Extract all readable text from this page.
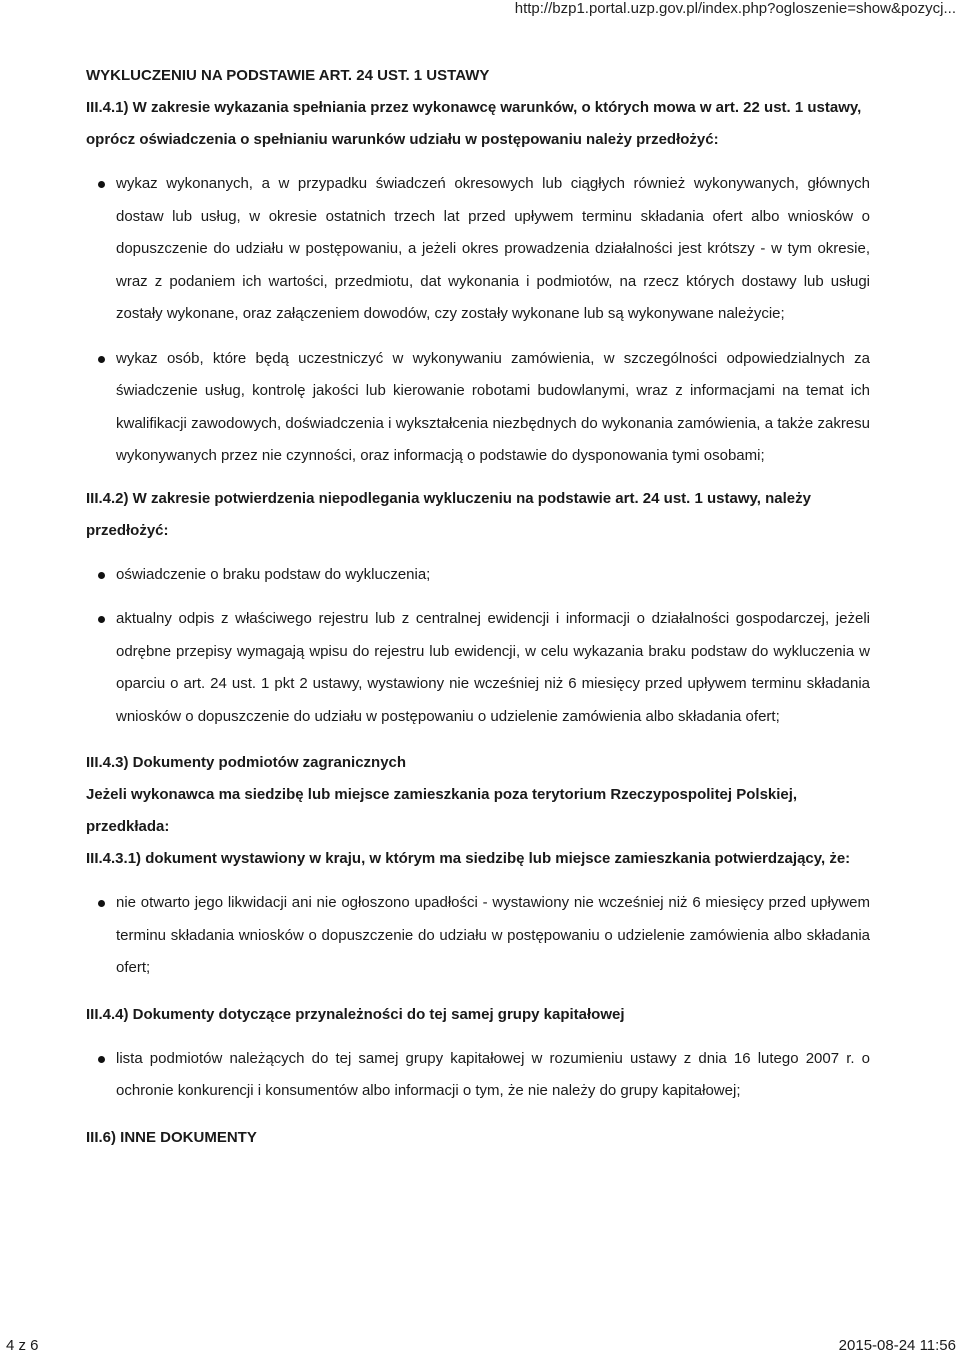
http://bzp1.portal.uzp.gov.pl/index.php?ogloszenie=show&pozycj...

WYKLUCZENIU NA PODSTAWIE ART. 24 UST. 1 USTAWY

III.4.1) W zakresie wykazania spełniania przez wykonawcę warunków, o których mowa w art. 22 ust. 1 ustawy, oprócz oświadczenia o spełnianiu warunków udziału w postępowaniu należy przedłożyć:

wykaz wykonanych, a w przypadku świadczeń okresowych lub ciągłych również wykonywanych, głównych dostaw lub usług, w okresie ostatnich trzech lat przed upływem terminu składania ofert albo wniosków o dopuszczenie do udziału w postępowaniu, a jeżeli okres prowadzenia działalności jest krótszy - w tym okresie, wraz z podaniem ich wartości, przedmiotu, dat wykonania i podmiotów, na rzecz których dostawy lub usługi zostały wykonane, oraz załączeniem dowodów, czy zostały wykonane lub są wykonywane należycie;
wykaz osób, które będą uczestniczyć w wykonywaniu zamówienia, w szczególności odpowiedzialnych za świadczenie usług, kontrolę jakości lub kierowanie robotami budowlanymi, wraz z informacjami na temat ich kwalifikacji zawodowych, doświadczenia i wykształcenia niezbędnych do wykonania zamówienia, a także zakresu wykonywanych przez nie czynności, oraz informacją o podstawie do dysponowania tymi osobami;

III.4.2) W zakresie potwierdzenia niepodlegania wykluczeniu na podstawie art. 24 ust. 1 ustawy, należy przedłożyć:

oświadczenie o braku podstaw do wykluczenia;
aktualny odpis z właściwego rejestru lub z centralnej ewidencji i informacji o działalności gospodarczej, jeżeli odrębne przepisy wymagają wpisu do rejestru lub ewidencji, w celu wykazania braku podstaw do wykluczenia w oparciu o art. 24 ust. 1 pkt 2 ustawy, wystawiony nie wcześniej niż 6 miesięcy przed upływem terminu składania wniosków o dopuszczenie do udziału w postępowaniu o udzielenie zamówienia albo składania ofert;

III.4.3) Dokumenty podmiotów zagranicznych

Jeżeli wykonawca ma siedzibę lub miejsce zamieszkania poza terytorium Rzeczypospolitej Polskiej, przedkłada:

III.4.3.1) dokument wystawiony w kraju, w którym ma siedzibę lub miejsce zamieszkania potwierdzający, że:

nie otwarto jego likwidacji ani nie ogłoszono upadłości - wystawiony nie wcześniej niż 6 miesięcy przed upływem terminu składania wniosków o dopuszczenie do udziału w postępowaniu o udzielenie zamówienia albo składania ofert;

III.4.4) Dokumenty dotyczące przynależności do tej samej grupy kapitałowej

lista podmiotów należących do tej samej grupy kapitałowej w rozumieniu ustawy z dnia 16 lutego 2007 r. o ochronie konkurencji i konsumentów albo informacji o tym, że nie należy do grupy kapitałowej;

III.6) INNE DOKUMENTY

4 z 6	2015-08-24 11:56
